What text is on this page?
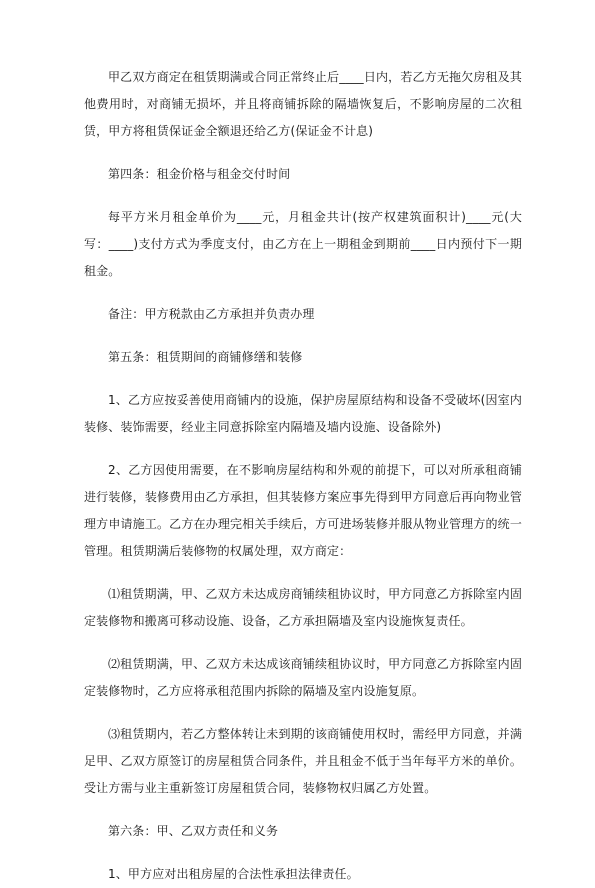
甲乙双方商定在租赁期满或合同正常终止后____日内，若乙方无拖欠房租及其他费用时，对商铺无损坏，并且将商铺拆除的隔墙恢复后，不影响房屋的二次租赁，甲方将租赁保证金全额退还给乙方(保证金不计息)

第四条：租金价格与租金交付时间

每平方米月租金单价为____元，月租金共计(按产权建筑面积计)____元(大写：____)支付方式为季度支付，由乙方在上一期租金到期前____日内预付下一期租金。

备注：甲方税款由乙方承担并负责办理

第五条：租赁期间的商铺修缮和装修

1、乙方应按妥善使用商铺内的设施，保护房屋原结构和设备不受破坏(因室内装修、装饰需要，经业主同意拆除室内隔墙及墙内设施、设备除外)

2、乙方因使用需要，在不影响房屋结构和外观的前提下，可以对所承租商铺进行装修，装修费用由乙方承担，但其装修方案应事先得到甲方同意后再向物业管理方申请施工。乙方在办理完相关手续后，方可进场装修并服从物业管理方的统一管理。租赁期满后装修物的权属处理，双方商定：

⑴租赁期满，甲、乙双方未达成房商铺续租协议时，甲方同意乙方拆除室内固定装修物和搬离可移动设施、设备，乙方承担隔墙及室内设施恢复责任。

⑵租赁期满，甲、乙双方未达成该商铺续租协议时，甲方同意乙方拆除室内固定装修物时，乙方应将承租范围内拆除的隔墙及室内设施复原。

⑶租赁期内，若乙方整体转让未到期的该商铺使用权时，需经甲方同意，并满足甲、乙双方原签订的房屋租赁合同条件，并且租金不低于当年每平方米的单价。受让方需与业主重新签订房屋租赁合同，装修物权归属乙方处置。

第六条：甲、乙双方责任和义务

1、甲方应对出租房屋的合法性承担法律责任。
